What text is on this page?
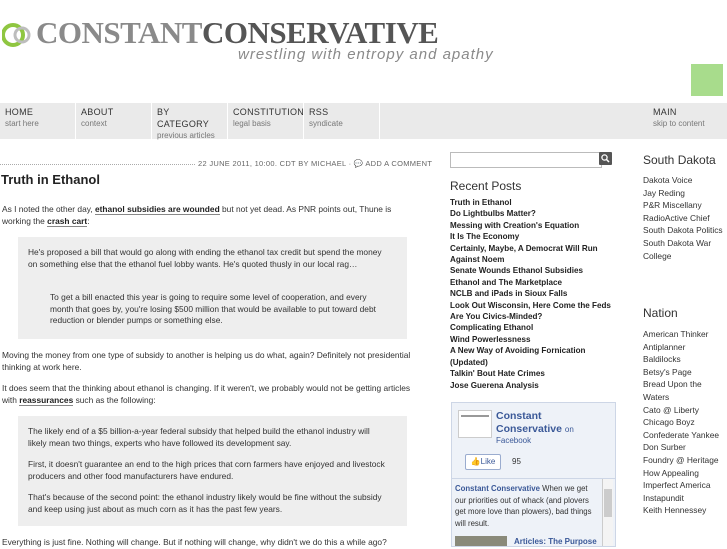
CONSTANTCONSERVATIVE
wrestling with entropy and apathy
HOME
start here
ABOUT
context
BY CATEGORY
previous articles
CONSTITUTION
legal basis
RSS
syndicate
MAIN
skip to content
22 JUNE 2011, 10:00. CDT BY MICHAEL · 💬 ADD A COMMENT
Truth in Ethanol
As I noted the other day, ethanol subsidies are wounded but not yet dead. As PNR points out, Thune is working the crash cart:
He's proposed a bill that would go along with ending the ethanol tax credit but spend the money on something else that the ethanol fuel lobby wants. He's quoted thusly in our local rag…
To get a bill enacted this year is going to require some level of cooperation, and every month that goes by, you're losing $500 million that would be available to put toward debt reduction or blender pumps or something else.
Moving the money from one type of subsidy to another is helping us do what, again? Definitely not presidential thinking at work here.
It does seem that the thinking about ethanol is changing. If it weren't, we probably would not be getting articles with reassurances such as the following:
The likely end of a $5 billion-a-year federal subsidy that helped build the ethanol industry will likely mean two things, experts who have followed its development say.
First, it doesn't guarantee an end to the high prices that corn farmers have enjoyed and livestock producers and other food manufacturers have endured.
That's because of the second point: the ethanol industry likely would be fine without the subsidy and keep using just about as much corn as it has the past few years.
Everything is just fine. Nothing will change. But if nothing will change, why didn't we do this a while ago?
Recent Posts
Truth in Ethanol
Do Lightbulbs Matter?
Messing with Creation's Equation
It Is The Economy
Certainly, Maybe, A Democrat Will Run Against Noem
Senate Wounds Ethanol Subsidies
Ethanol and The Marketplace
NCLB and iPads in Sioux Falls
Look Out Wisconsin, Here Come the Feds
Are You Civics-Minded?
Complicating Ethanol
Wind Powerlessness
A New Way of Avoiding Fornication (Updated)
Talkin' Bout Hate Crimes
Jose Guerena Analysis
Constant Conservative on
Facebook
👍Like	95
Constant Conservative When we get our priorities out of whack (and plovers get more love than plowers), bad things will result.
Articles: The Purpose
South Dakota
Dakota Voice
Jay Reding
P&R Miscellany
RadioActive Chief
South Dakota Politics
South Dakota War College
Nation
American Thinker
Antiplanner
Baldilocks
Betsy's Page
Bread Upon the Waters
Cato @ Liberty
Chicago Boyz
Confederate Yankee
Don Surber
Foundry @ Heritage
How Appealing
Imperfect America
Instapundit
Keith Hennessey
